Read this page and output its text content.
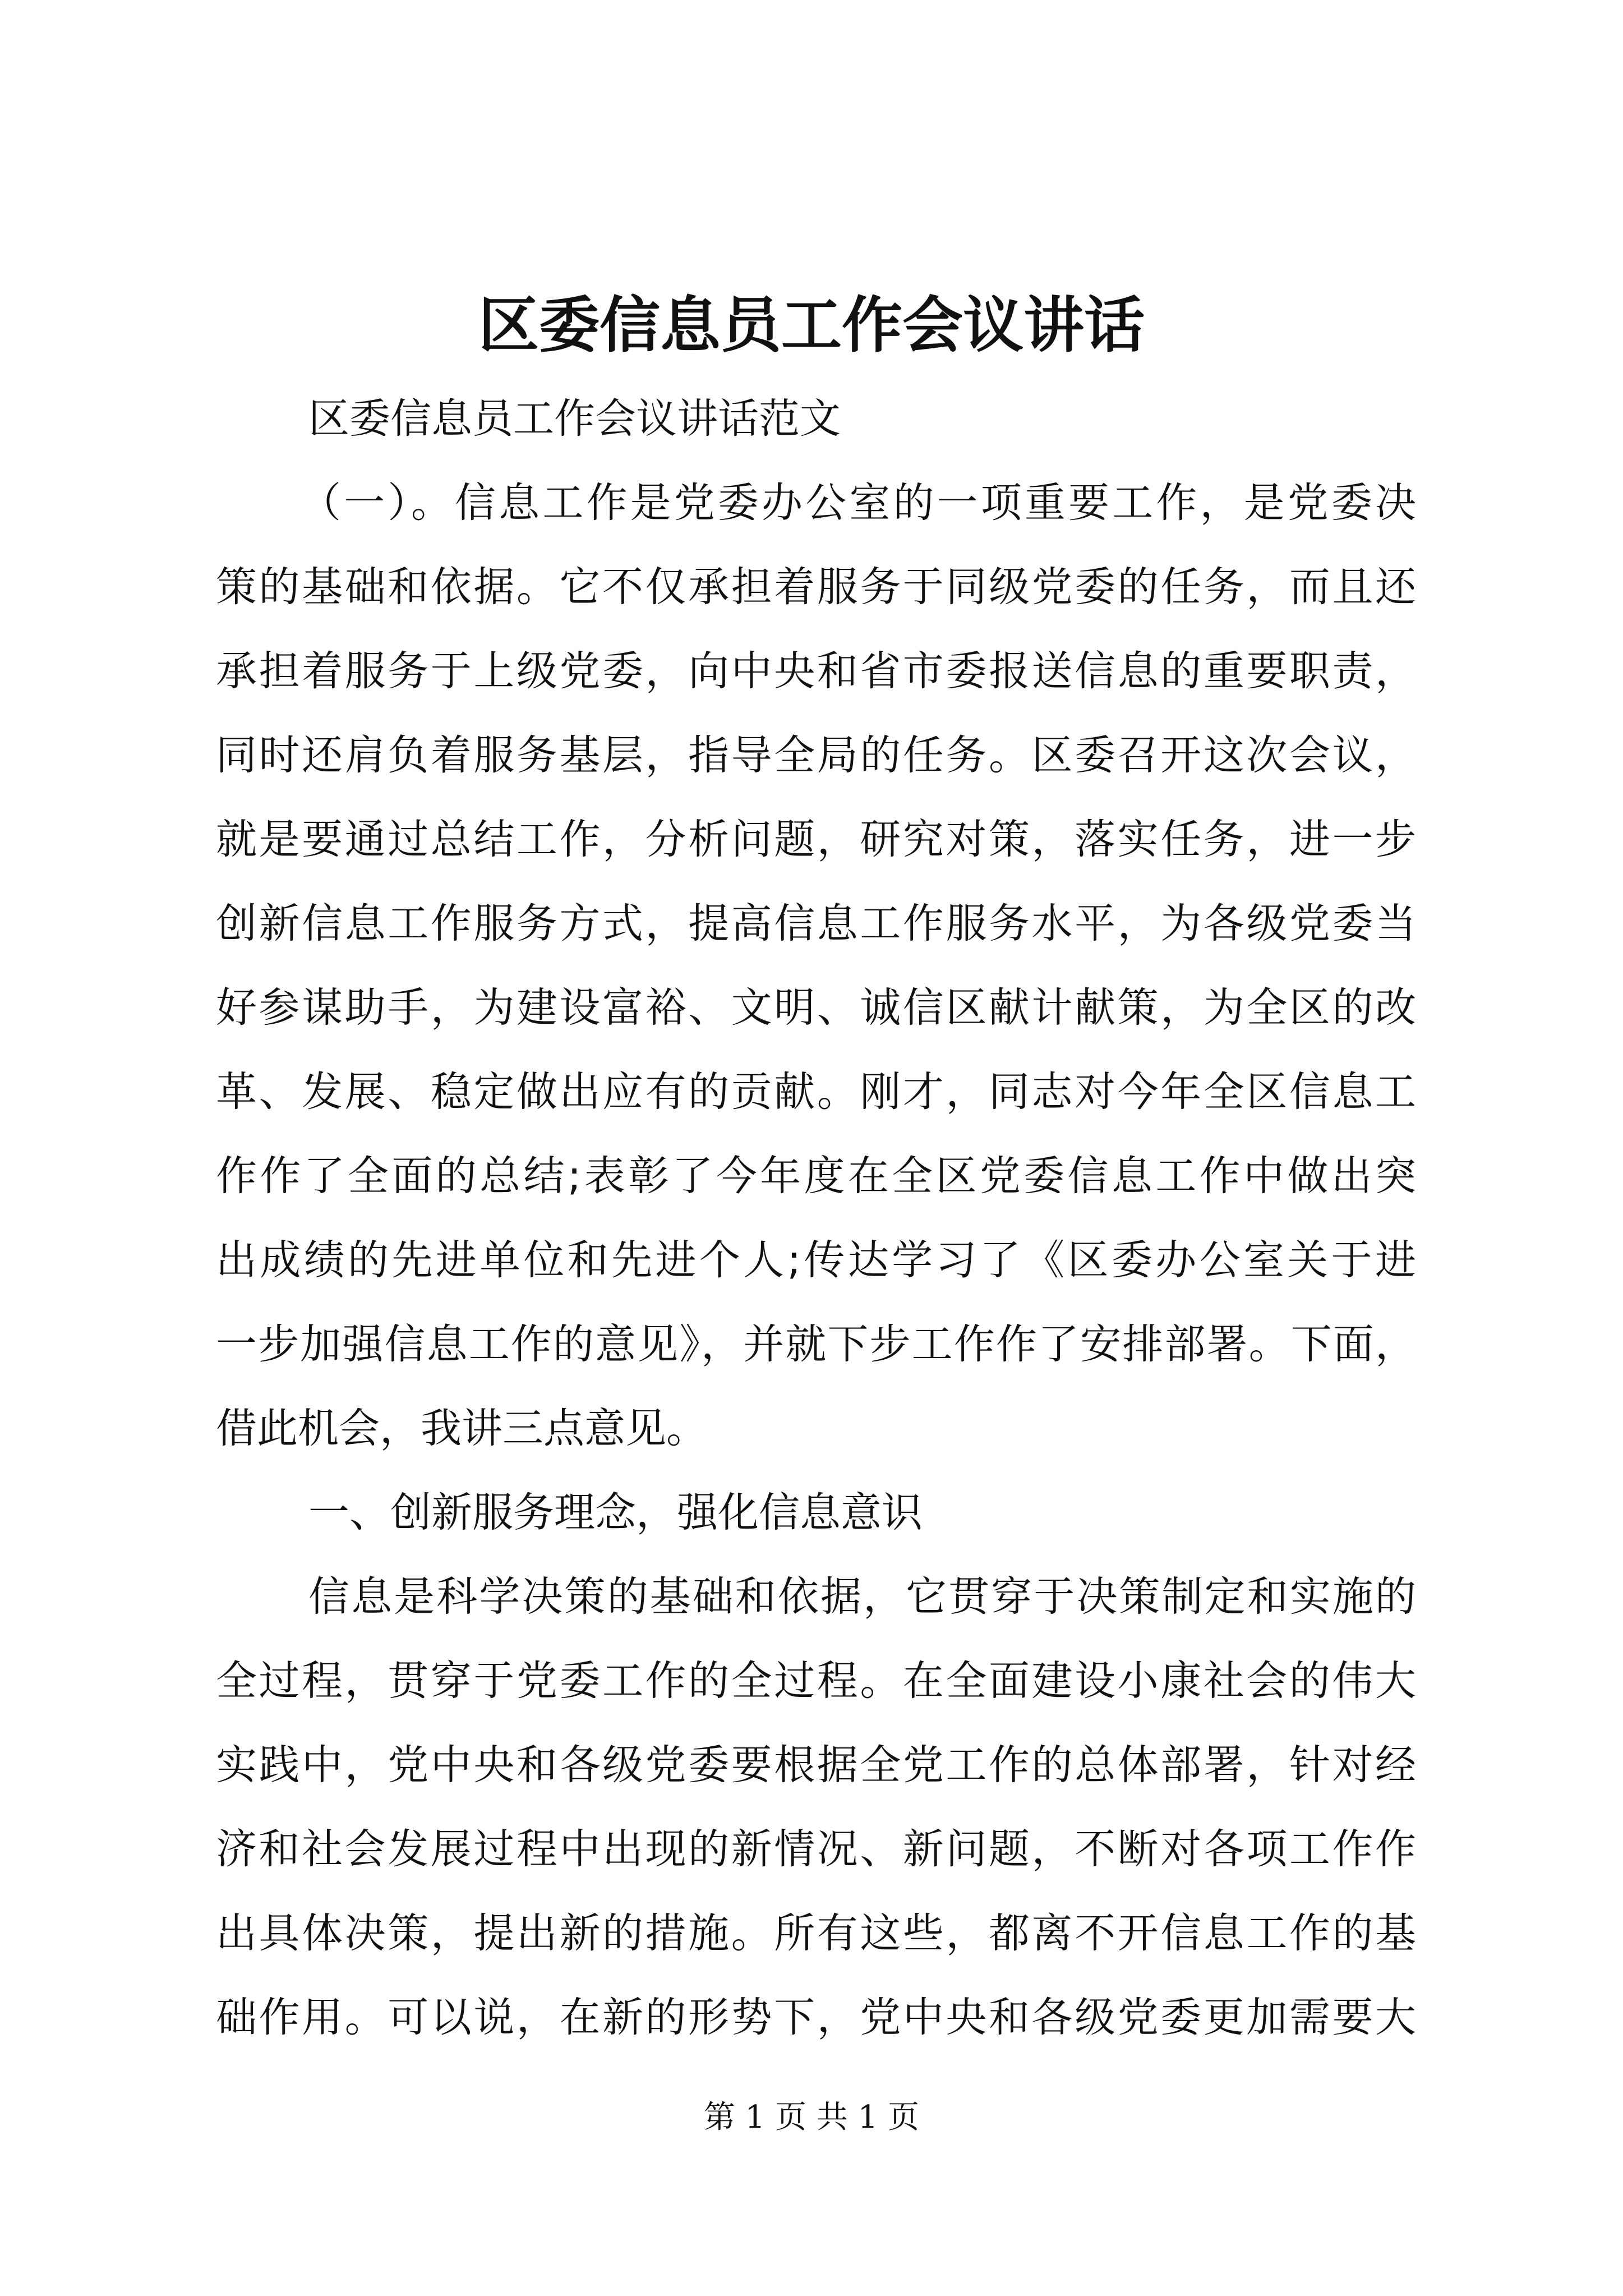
区委信息员工作会议讲话
区委信息员工作会议讲话范文
（一）。信息工作是党委办公室的一项重要工作，是党委决
策的基础和依据。它不仅承担着服务于同级党委的任务，而且还
承担着服务于上级党委，向中央和省市委报送信息的重要职责，
同时还肩负着服务基层，指导全局的任务。区委召开这次会议，
就是要通过总结工作，分析问题，研究对策，落实任务，进一步
创新信息工作服务方式，提高信息工作服务水平，为各级党委当
好参谋助手，为建设富裕、文明、诚信区献计献策，为全区的改
革、发展、稳定做出应有的贡献。刚才，同志对今年全区信息工
作作了全面的总结;表彰了今年度在全区党委信息工作中做出突
出成绩的先进单位和先进个人;传达学习了《区委办公室关于进
一步加强信息工作的意见》，并就下步工作作了安排部署。下面，
借此机会，我讲三点意见。
一、创新服务理念，强化信息意识
信息是科学决策的基础和依据，它贯穿于决策制定和实施的
全过程，贯穿于党委工作的全过程。在全面建设小康社会的伟大
实践中，党中央和各级党委要根据全党工作的总体部署，针对经
济和社会发展过程中出现的新情况、新问题，不断对各项工作作
出具体决策，提出新的措施。所有这些，都离不开信息工作的基
础作用。可以说，在新的形势下，党中央和各级党委更加需要大
第 1 页 共 1 页
